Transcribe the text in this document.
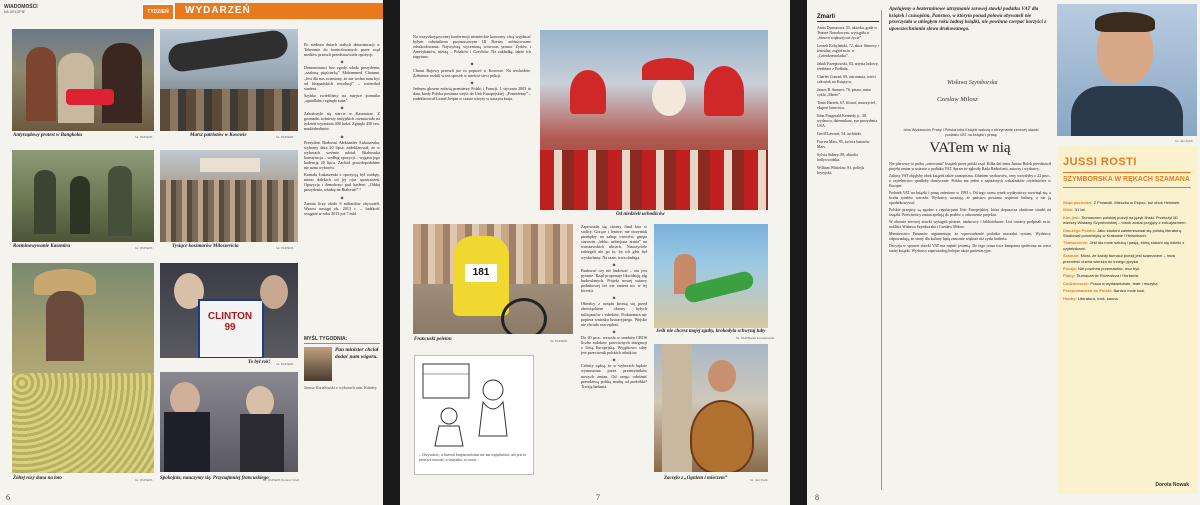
WIADOMOŚCI
NA URLOPIE	TYDZIEŃ	WYDARZEŃ
Antyrządowy protest w Bangkoku	fot. PAP/EPA	Marsz patriotów w Kosowie	fot. PAP/EPA
Rozminowywanie Kaszmiru	fot. PAP/EPA	Tysiące koszmarów Miloszevicia	fot. PAP/EPA
Żółtej rasy dana na loto	fot. PAP/EPA
CLINTON 99
To był rok! fot. PAP/EPA
Spokojnie, nauczymy się. Przynajmniej francuskiego
fot. PAP/EPA Tomasz Gzell
MYŚL TYGODNIA:
Pan minister chciał dodać nam wigoru.
Janusz Kiziałowski o wyborach min. Kabiery

Po siedmiu dniach stałych demonstracji w Teheranie do kontrolowanych przez rząd mediów przeszli przedstawiciele opozycji.

◆

Demonstranci bez zgody władz prezydenta, „szaloną pięściarką” Mohammed Chatami. „Jest dla nas ocieniony, że nie wolno nam być od hiszpańskich rewolucji” – stwierdził student.

Szybko zwieźliśmy na miejsce pomnika „ajatollaha i zginęła żona”.

◆

Zakończyło się starcie w Kaszmirze. Z gromadzi żołnierzy indyjskich rozmawiało na tydzień wyrzutnia 400 ludzi. Zginęło 450 tzw. mudżahedinów.

◆

Prezydent Białorusi Aleksander Łukaszenka, wybrany dnia 20 lipca, zadeklarował, że w wyborach weźmie udział. Białoruska konstytucja – według opozycji – wygasa jego kadencję 20 lipca. Zachód prawdopodobnie nie uzna wyborów.

Kontakt Łukaszenki z opozycją był rozdęty, mimo dalekich od jej ojca spostrzeżeń. Opozycja i demokraci pod hasłem: „Oddaj prezydenta, władzę na Białorusi” !

◆

Ziemia liczy około 6 miliardów obywateli. Wzrost nastąpi ok. 2013 r. – ludzkość osiągnie w roku 2013 już 7 mld.

6

Na wszystkojęzycznej konferencji niemieckie koncerny chcą wypłacać byłym robotnikom przymusowym III Rzeszy zróżnicowane odszkodowania. Najwyższą wycenioną wówczas pomoc Żydów i Amerykanów, niższą – Polaków i Czechów. Na zakładkę, także ich zapytano.

◆

Chroni Bojowy przeszli już co poprzeć w Kosowie. Na wschodzie, Żołnierze rozbili w ten sposób w mieście sieci policji.

◆

Jednym głosem mówią premierzy Polski i Francji. 1 stycznia 2003 to data, kiedy Polska powinna wejść do Unii Europejskiej. „Pomożemy” – zadeklarował Lionel Jospin w czasie wizyty w naszym kraju.

Od niedzieli uchodźców
181
Francuski peleton	fot. PAP/EPA
– Oczywiście, w kwestii bezpieczeństwa nie ma wątpliwości, ale jest to przecież nowość, a wszystko, co nowe...

Zapowiada się chorny finał lata w stolicy. Gorące i leniwe: nie otrzymali pieniędzy na zakup owoców, gnięta starowin „lekko uzbrojona armia” na warszawskich ulicach. Nauczyciele zabiegali nie po to, by ich głos był wysłuchany. Na razie, trwa obsługa.

◆

Budować czy nie budować – oto jest pytanie. Rząd proponuje likwidację ulg budowlanych. Projekt nowej ustawy podatkowej też nie zmieni nic w tej kwestii.

◆

Obrońcy z urzędu bronią się przed obowiązkiem obrony byłych milicjantów i esbeków. Prokuratura nie popiera wniosku lustracyjnego. Wojsko nie chciało oszczędzać.

◆

Do 40 proc. wzrosła w sondażu CBOS liczba rodaków przeciwnych integracji z Unią Europejską. Wyjątkowo silny jest przeciwnik polskich rolników.

◆

Celnicy sądzą, że w wyborach będzie wymuszona przez przemytników nowych zmian. Od czego odróżnić prawdziwą polską markę od podróbki? Trwają badania.

Jeśli nie chcesz mojej zguby, krokodyla schwytaj luby
fot. PAP/Marek Kossakowski
Zaczęło z „Ogniem i mieczem”	fot. Jan Żyzik
7
Zmarli

Anita Dymszowa, 55, aktorka, grała w Teatrze Narodowym, wystąpiła w „Stawce większej niż życie”.

Leszek Kobylański, 72, aktor filmowy i teatralny, zagrał m.in. w „Czterdziestolatku”.

Jakub Krzeptowski, 84, artysta ludowy, rzeźbiarz z Podhala.

Charles Conrad, 69, astronauta, trzeci człowiek na Księżycu.

James B. Sumner, 76, pisarz, autor cyklu „Meteo”.

Tonio Hartels, 67, filozof, nauczyciel, ekspert lotnictwa.

John Fitzgerald Kennedy jr., 38, wydawca, dziennikarz, syn prezydenta USA.

Geoff Lawson, 54, architekt.

Forrest Mars, 95, twórca batonów Mars.

Sylvia Sidney, 88, aktorka hollywoodzka.

William Whitelaw, 81, polityk brytyjski.

Apelujemy o bezterminowe utrzymanie zerowej stawki podatku VAT dla książek i czasopism. Panstwo, w którym ponad połowa obywateli nie przeczytała w ubiegłym roku żadnej książki, nie powinno czerpać korzyści z upowszechniania słowa drukowanego.
Wisława Szymborska
Czesław Miłosz
fot. Jan Żyzik
Izba Wydawców Prasy i Polska Izba Książki walczą o utrzymanie zerowej stawki podatku VAT na książki i prasę
VATem w nią

Nie pierwszy to próba „vatowania” książek przez polski rząd. Kilka dni temu Janusz Bolek przedstawił projekt zmian w ustawie o podatku VAT. Sprzeciw zgłosiły Rada Radiofonii, autorzy i wydawcy.

Zakusy VAT objęłyby obok książek także czasopisma. Zdaniem wydawców, ceny wzrosłyby o 22 proc., a czytelnictwo spadłoby drastycznie. Polska ma jeden z najniższych wskaźników czytelnictwa w Europie.

Podatek VAT na książki i prasę zniesiono w 1993 r. Od tego czasu rynek wydawniczy rozwinął się, a liczba tytułów wzrosła. Wydawcy uważają, że państwo powinno wspierać kulturę, a nie ją opodatkowywać.

Polskie przepisy są zgodne z regulacjami Unii Europejskiej, która dopuszcza obniżone stawki na książki. Przeciwnicy zmian apelują do posłów o odrzucenie projektu.

W obronie zerowej stawki wystąpili pisarze, naukowcy i bibliotekarze. List otwarty podpisali m.in. nobliści Wisława Szymborska i Czesław Miłosz.

Ministerstwo Finansów argumentuje, że wprowadzenie podatku uszczelni system. Wydawcy odpowiadają, że straty dla kultury będą znacznie większe niż zyski budżetu.

Decyzja w sprawie stawki VAT ma zapaść jesienią. Do tego czasu trwa kampania społeczna na rzecz taniej książki. Wydawcy zapowiadają kolejne akcje protestacyjne.

JUSSI ROSTI
SZYMBORSKA W RĘKACH SZAMANA

Skąd pochodzi: Z Finlandii. Mieszka w Espoo, tuż obok Helsinek.

Wiek: 31 lat.

Kim jest: Tłumaczem polskiej poezji na język fiński. Przełożył 50 wierszy Wisławy Szymborskiej – tomik został przyjęty z entuzjazmem.

Dlaczego Polska: Jako student zainteresował się polską literaturą. Studiował polonistykę w Krakowie i Helsinkach.

Tłumaczenie: Jest dla mnie sztuką i pasją, którą staram się dzielić z czytelnikami.

Szaman: Mówi, że każdy tłumacz poezji jest szamanem – musi przenieść ducha wiersza do innego języka.

Poezja: Nie powinna przemawiać, lecz być.

Plany: Tłumaczenie Różewicza i Herberta.

Codzienność: Praca w wydawnictwie, teatr i muzyka.

Przeprowadzka do Polski: Bardzo mnie kusi.

Hobby: Literatura, rock, sauna.

Dorota Nowak
8
